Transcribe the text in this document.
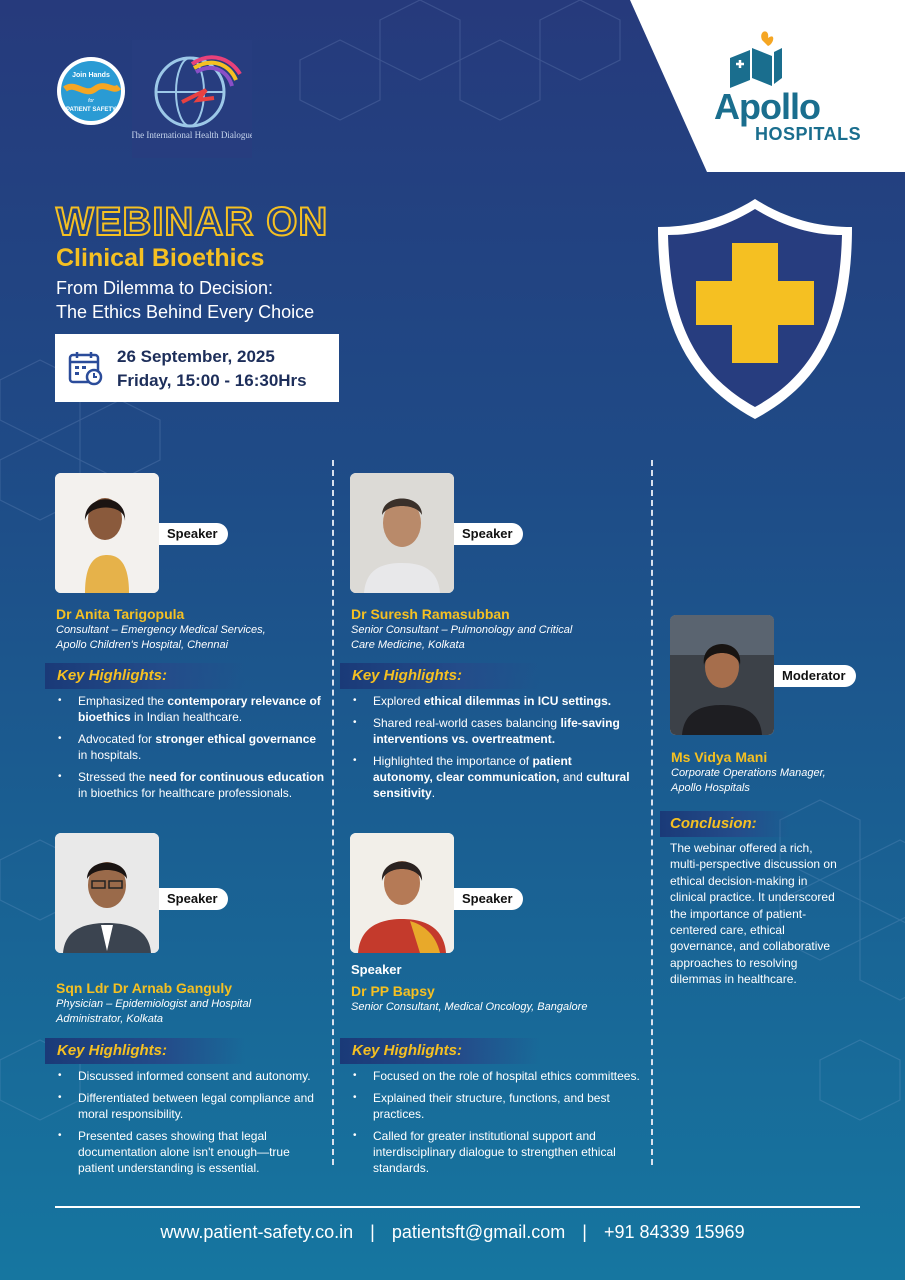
Apollo
HOSPITALS
Join Hands
for
PATIENT SAFETY
The International Health Dialogue
WEBINAR ON
Clinical Bioethics
From Dilemma to Decision:
The Ethics Behind Every Choice
26 September, 2025
Friday, 15:00 - 16:30Hrs
Speaker
Dr Anita Tarigopula
Consultant – Emergency Medical Services,
Apollo Children's Hospital, Chennai
Key Highlights:
• Emphasized the contemporary relevance of bioethics in Indian healthcare.
• Advocated for stronger ethical governance in hospitals.
• Stressed the need for continuous education in bioethics for healthcare professionals.
Speaker
Dr Suresh Ramasubban
Senior Consultant – Pulmonology and Critical
Care Medicine, Kolkata
Key Highlights:
• Explored ethical dilemmas in ICU settings.
• Shared real-world cases balancing life-saving interventions vs. overtreatment.
• Highlighted the importance of patient autonomy, clear communication, and cultural sensitivity.
Speaker
Sqn Ldr Dr Arnab Ganguly
Physician – Epidemiologist and Hospital
Administrator, Kolkata
Key Highlights:
• Discussed informed consent and autonomy.
• Differentiated between legal compliance and moral responsibility.
• Presented cases showing that legal documentation alone isn't enough—true patient understanding is essential.
Speaker
Speaker
Dr PP Bapsy
Senior Consultant, Medical Oncology, Bangalore
Key Highlights:
• Focused on the role of hospital ethics committees.
• Explained their structure, functions, and best practices.
• Called for greater institutional support and interdisciplinary dialogue to strengthen ethical standards.
Moderator
Ms Vidya Mani
Corporate Operations Manager,
Apollo Hospitals
Conclusion:
The webinar offered a rich, multi-perspective discussion on ethical decision-making in clinical practice. It underscored the importance of patient-centered care, ethical governance, and collaborative approaches to resolving dilemmas in healthcare.
www.patient-safety.co.in | patientsft@gmail.com | +91 84339 15969
